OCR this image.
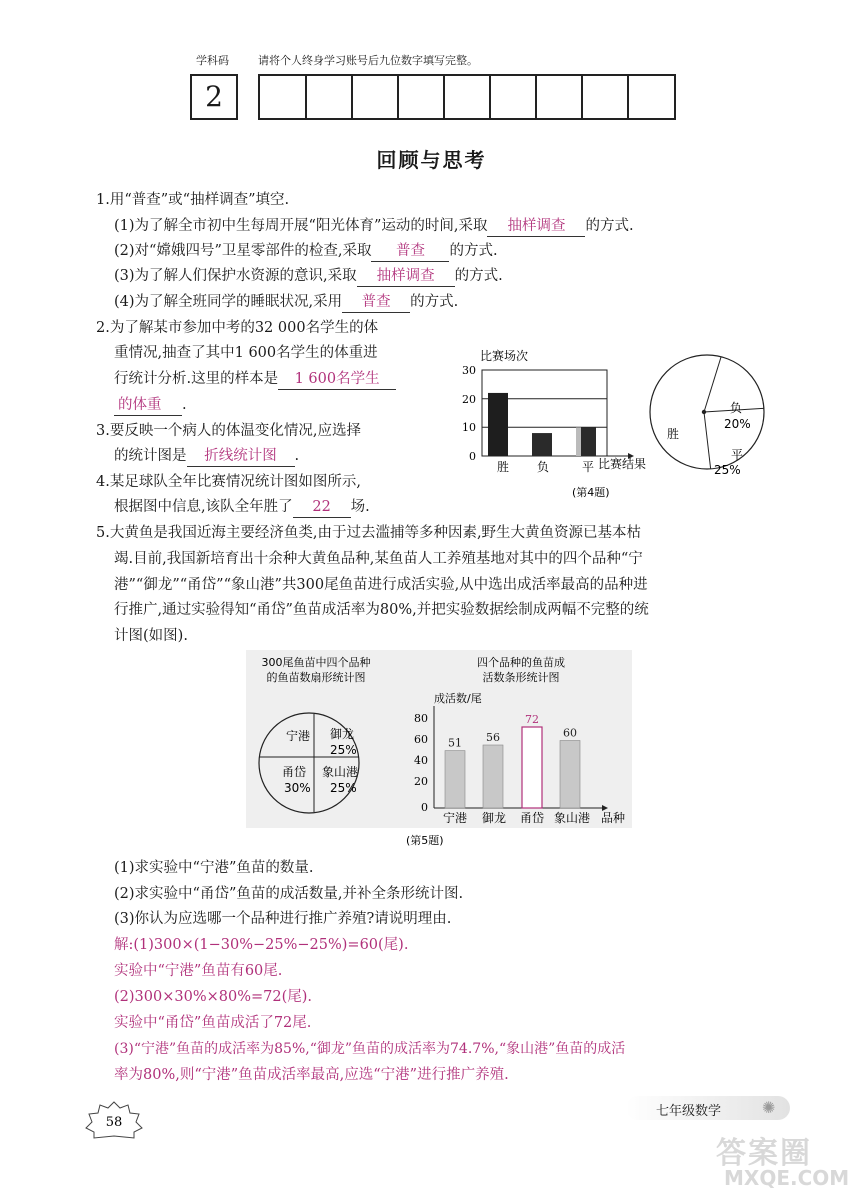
学科码	请将个人终身学习账号后九位数字填写完整。
2
回顾与思考
1.用“普查”或“抽样调查”填空.
(1)为了解全市初中生每周开展“阳光体育”运动的时间,采取 抽样调查 的方式.
(2)对“嫦娥四号”卫星零部件的检查,采取 普查 的方式.
(3)为了解人们保护水资源的意识,采取 抽样调查 的方式.
(4)为了解全班同学的睡眠状况,采用 普查 的方式.
2.为了解某市参加中考的32 000名学生的体
重情况,抽查了其中1 600名学生的体重进
行统计分析.这里的样本是 1 600名学生
的体重 .
3.要反映一个病人的体温变化情况,应选择
的统计图是 折线统计图 .
4.某足球队全年比赛情况统计图如图所示,
根据图中信息,该队全年胜了 22 场.
比赛场次
30
20
10
0
胜 负	平 比赛结果
胜
负
20%
平
25%
(第4题)
5.大黄鱼是我国近海主要经济鱼类,由于过去滥捕等多种因素,野生大黄鱼资源已基本枯
竭.目前,我国新培育出十余种大黄鱼品种,某鱼苗人工养殖基地对其中的四个品种“宁
港”“御龙”“甬岱”“象山港”共300尾鱼苗进行成活实验,从中选出成活率最高的品种进
行推广,通过实验得知“甬岱”鱼苗成活率为80%,并把实验数据绘制成两幅不完整的统
计图(如图).
300尾鱼苗中四个品种
的鱼苗数扇形统计图
宁港 御龙
25%
甬岱
30%
象山港
25%
四个品种的鱼苗成
活数条形统计图
成活数/尾
80
60
40
20
0
51 56
72
60
宁港 御龙 甬岱 象山港 品种
(第5题)
(1)求实验中“宁港”鱼苗的数量.
(2)求实验中“甬岱”鱼苗的成活数量,并补全条形统计图.
(3)你认为应选哪一个品种进行推广养殖?请说明理由.
解:(1)300×(1−30%−25%−25%)=60(尾).
实验中“宁港”鱼苗有60尾.
(2)300×30%×80%=72(尾).
实验中“甬岱”鱼苗成活了72尾.
(3)“宁港”鱼苗的成活率为85%,“御龙”鱼苗的成活率为74.7%,“象山港”鱼苗的成活
率为80%,则“宁港”鱼苗成活率最高,应选“宁港”进行推广养殖.
58
七年级数学	✺
答案圈
MXQE.COM
